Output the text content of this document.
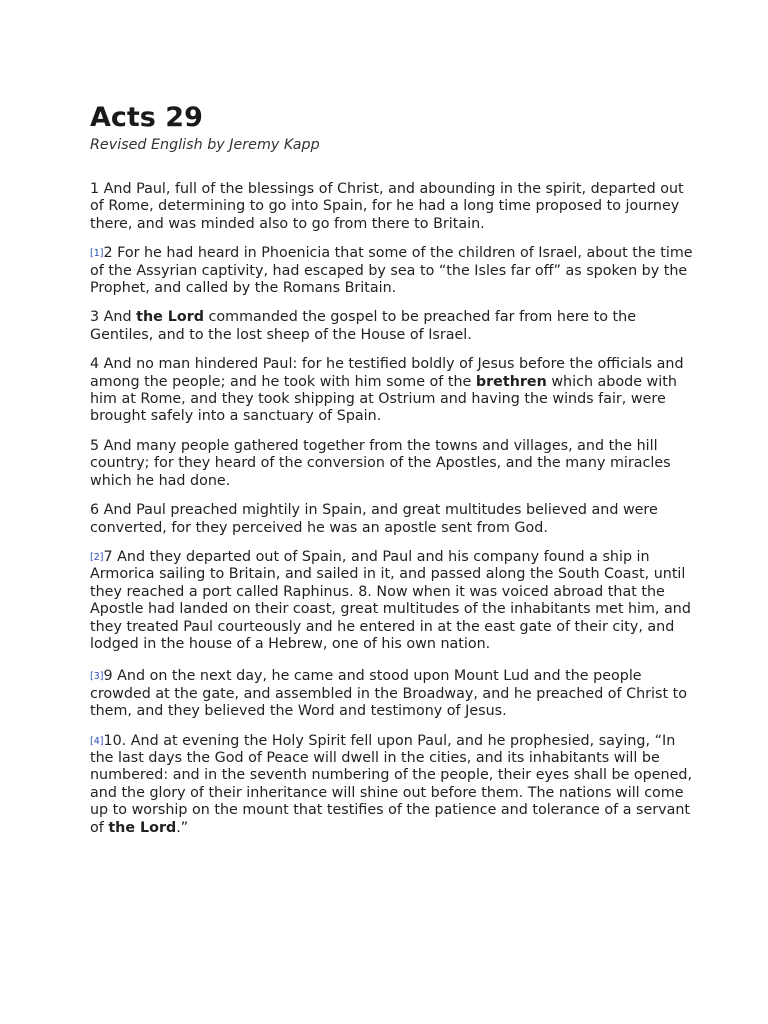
Acts 29

Revised English by Jeremy Kapp

1 And Paul, full of the blessings of Christ, and abounding in the spirit, departed out of Rome, determining to go into Spain, for he had a long time proposed to journey there, and was minded also to go from there to Britain.

[1]2 For he had heard in Phoenicia that some of the children of Israel, about the time of the Assyrian captivity, had escaped by sea to “the Isles far off” as spoken by the Prophet, and called by the Romans Britain.

3 And the Lord commanded the gospel to be preached far from here to the Gentiles, and to the lost sheep of the House of Israel.

4 And no man hindered Paul: for he testified boldly of Jesus before the officials and among the people; and he took with him some of the brethren which abode with him at Rome, and they took shipping at Ostrium and having the winds fair, were brought safely into a sanctuary of Spain.

5 And many people gathered together from the towns and villages, and the hill country; for they heard of the conversion of the Apostles, and the many miracles which he had done.

6 And Paul preached mightily in Spain, and great multitudes believed and were converted, for they perceived he was an apostle sent from God.

[2]7 And they departed out of Spain, and Paul and his company found a ship in Armorica sailing to Britain, and sailed in it, and passed along the South Coast, until they reached a port called Raphinus. 8. Now when it was voiced abroad that the Apostle had landed on their coast, great multitudes of the inhabitants met him, and they treated Paul courteously and he entered in at the east gate of their city, and lodged in the house of a Hebrew, one of his own nation.

[3]9 And on the next day, he came and stood upon Mount Lud and the people crowded at the gate, and assembled in the Broadway, and he preached of Christ to them, and they believed the Word and testimony of Jesus.

[4]10. And at evening the Holy Spirit fell upon Paul, and he prophesied, saying, “In the last days the God of Peace will dwell in the cities, and its inhabitants will be numbered: and in the seventh numbering of the people, their eyes shall be opened, and the glory of their inheritance will shine out before them. The nations will come up to worship on the mount that testifies of the patience and tolerance of a servant of the Lord.”
